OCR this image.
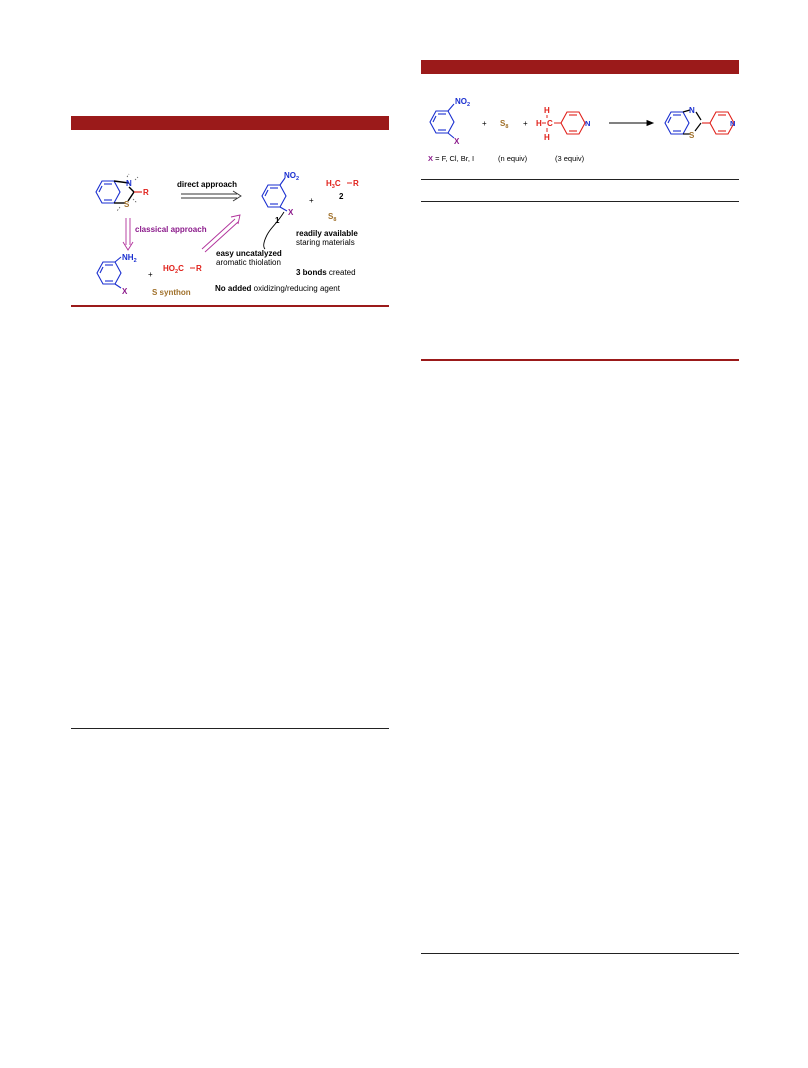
N
S
R
direct approach
classical approach
$NO_2$
X
1
+
$H_3C$ R
2
$S_8$
readily available
staring materials
easy uncatalyzed
aromatic thiolation
$NH_2$
X
+
$HO_2C$ R
S synthon
3 bonds created
No added oxidizing/reducing agent
$NO_2$
X
+ $S_8$ +
H
H C
H
N
N
S
N
X = F, Cl, Br, I	(n equiv)	(3 equiv)
